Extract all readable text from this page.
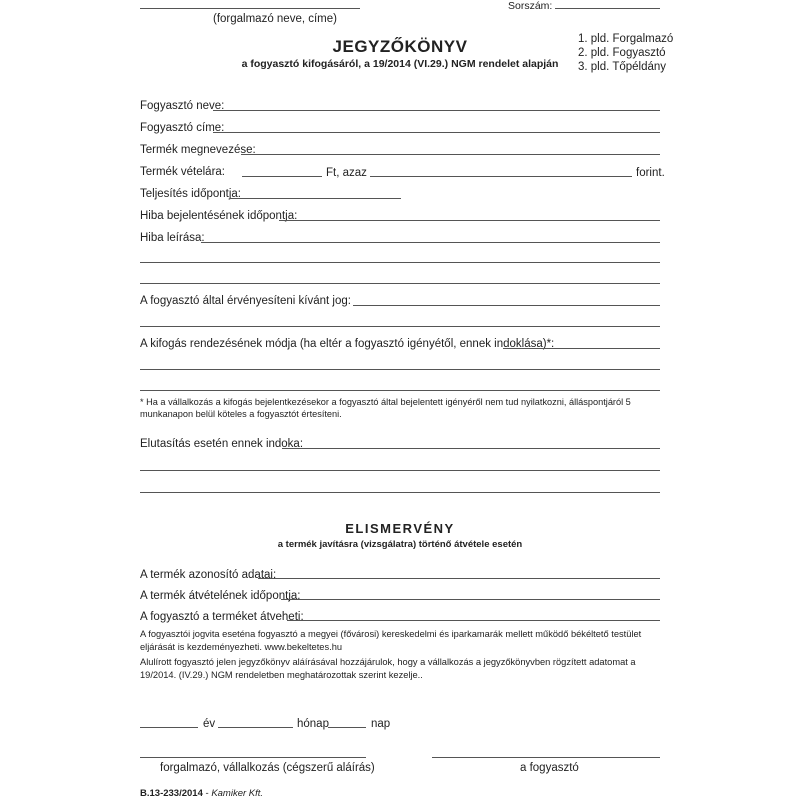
(forgalmazó neve, címe)
Sorszám:
1. pld. Forgalmazó
2. pld. Fogyasztó
3. pld. Tőpéldány
JEGYZŐKÖNYV
a fogyasztó kifogásáról, a 19/2014 (VI.29.) NGM rendelet alapján
Fogyasztó neve:
Fogyasztó címe:
Termék megnevezése:
Termék vételára:	Ft, azaz	forint.
Teljesítés időpontja:
Hiba bejelentésének időpontja:
Hiba leírása:
A fogyasztó által érvényesíteni kívánt jog:
A kifogás rendezésének módja (ha eltér a fogyasztó igényétől, ennek indoklása)*:
* Ha a vállalkozás a kifogás bejelentkezésekor a fogyasztó által bejelentett igényéről nem tud nyilatkozni, álláspontjáról 5 munkanapon belül köteles a fogyasztót értesíteni.
Elutasítás esetén ennek indoka:
ELISMERVÉNY
a termék javításra (vizsgálatra) történő átvétele esetén
A termék azonosító adatai:
A termék átvételének időpontja:
A fogyasztó a terméket átveheti:
A fogyasztói jogvita eseténa fogyasztó a megyei (fővárosi) kereskedelmi és iparkamarák mellett működő békéltető testület eljárását is kezdeményezheti. www.bekeltetes.hu
Alulírott fogyasztó jelen jegyzőkönyv aláírásával hozzájárulok, hogy a vállalkozás a jegyzőkönyvben rögzített adatomat a 19/2014. (IV.29.) NGM rendeletben meghatározottak szerint kezelje..
év	hónap	nap
forgalmazó, vállalkozás (cégszerű aláírás)	a fogyasztó
B.13-233/2014 - Kamiker Kft.
